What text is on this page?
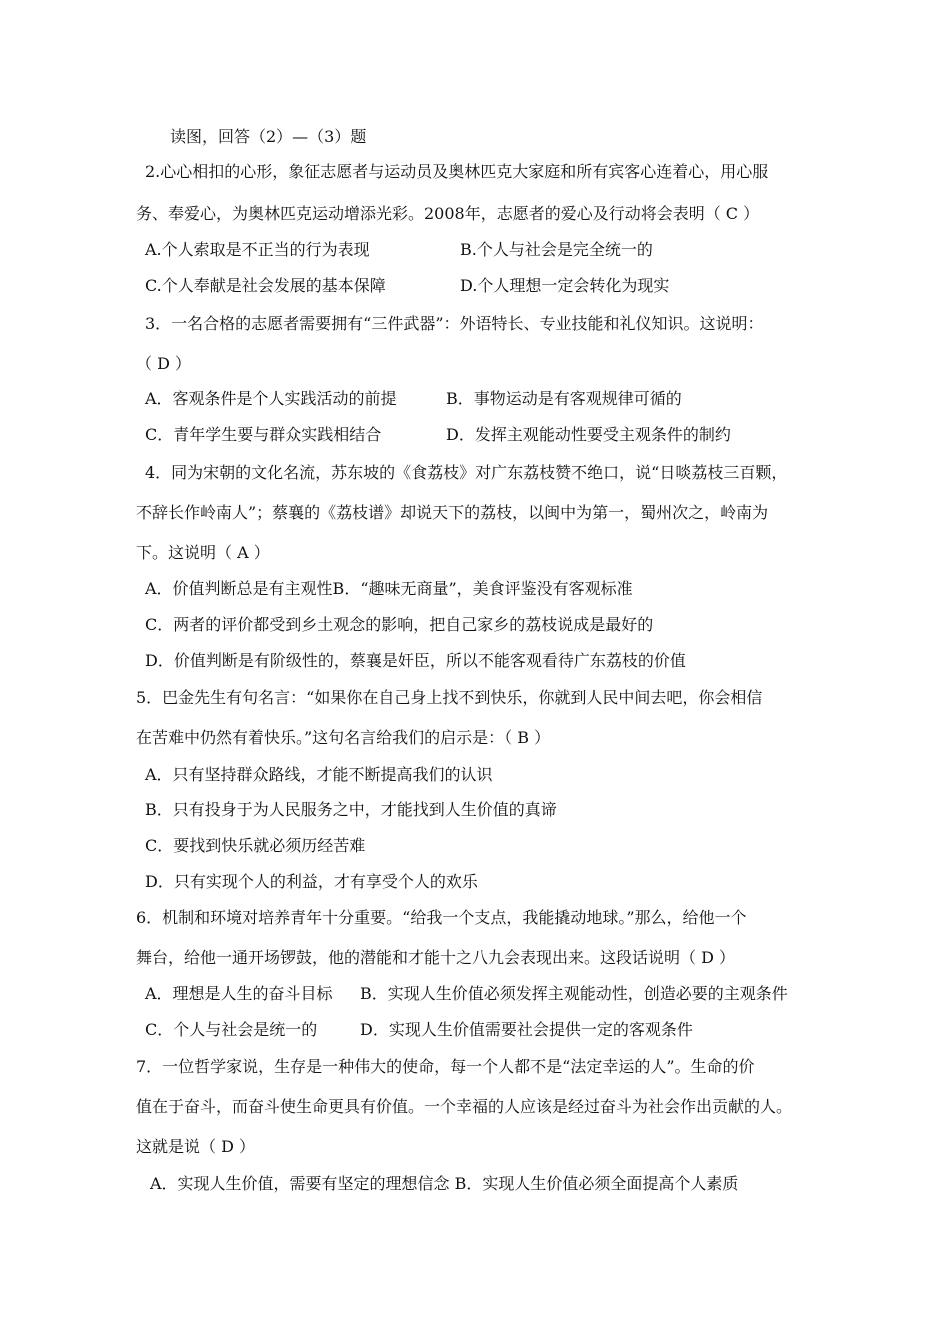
读图，回答（2）—（3）题
2.心心相扣的心形，象征志愿者与运动员及奥林匹克大家庭和所有宾客心连着心，用心服
务、奉爱心，为奥林匹克运动增添光彩。2008年，志愿者的爱心及行动将会表明（ C ）
A.个人索取是不正当的行为表现	B.个人与社会是完全统一的
C.个人奉献是社会发展的基本保障	D.个人理想一定会转化为现实
3．一名合格的志愿者需要拥有“三件武器”：外语特长、专业技能和礼仪知识。这说明：
（ D ）
A．客观条件是个人实践活动的前提	B．事物运动是有客观规律可循的
C．青年学生要与群众实践相结合	D．发挥主观能动性要受主观条件的制约
4．同为宋朝的文化名流，苏东坡的《食荔枝》对广东荔枝赞不绝口，说“日啖荔枝三百颗，
不辞长作岭南人”；蔡襄的《荔枝谱》却说天下的荔枝，以闽中为第一，蜀州次之，岭南为
下。这说明（ A ）
A．价值判断总是有主观性B．“趣味无商量”，美食评鉴没有客观标准
C．两者的评价都受到乡土观念的影响，把自己家乡的荔枝说成是最好的
D．价值判断是有阶级性的，蔡襄是奸臣，所以不能客观看待广东荔枝的价值
5．巴金先生有句名言：“如果你在自己身上找不到快乐，你就到人民中间去吧，你会相信
在苦难中仍然有着快乐。”这句名言给我们的启示是：（ B ）
A．只有坚持群众路线，才能不断提高我们的认识
B．只有投身于为人民服务之中，才能找到人生价值的真谛
C．要找到快乐就必须历经苦难
D．只有实现个人的利益，才有享受个人的欢乐
6．机制和环境对培养青年十分重要。“给我一个支点，我能撬动地球。”那么，给他一个
舞台，给他一通开场锣鼓，他的潜能和才能十之八九会表现出来。这段话说明（ D ）
A．理想是人生的奋斗目标 B．实现人生价值必须发挥主观能动性，创造必要的主观条件
C．个人与社会是统一的	D．实现人生价值需要社会提供一定的客观条件
7．一位哲学家说，生存是一种伟大的使命，每一个人都不是“法定幸运的人”。生命的价
值在于奋斗，而奋斗使生命更具有价值。一个幸福的人应该是经过奋斗为社会作出贡献的人。
这就是说（ D ）
A．实现人生价值，需要有坚定的理想信念 B．实现人生价值必须全面提高个人素质
